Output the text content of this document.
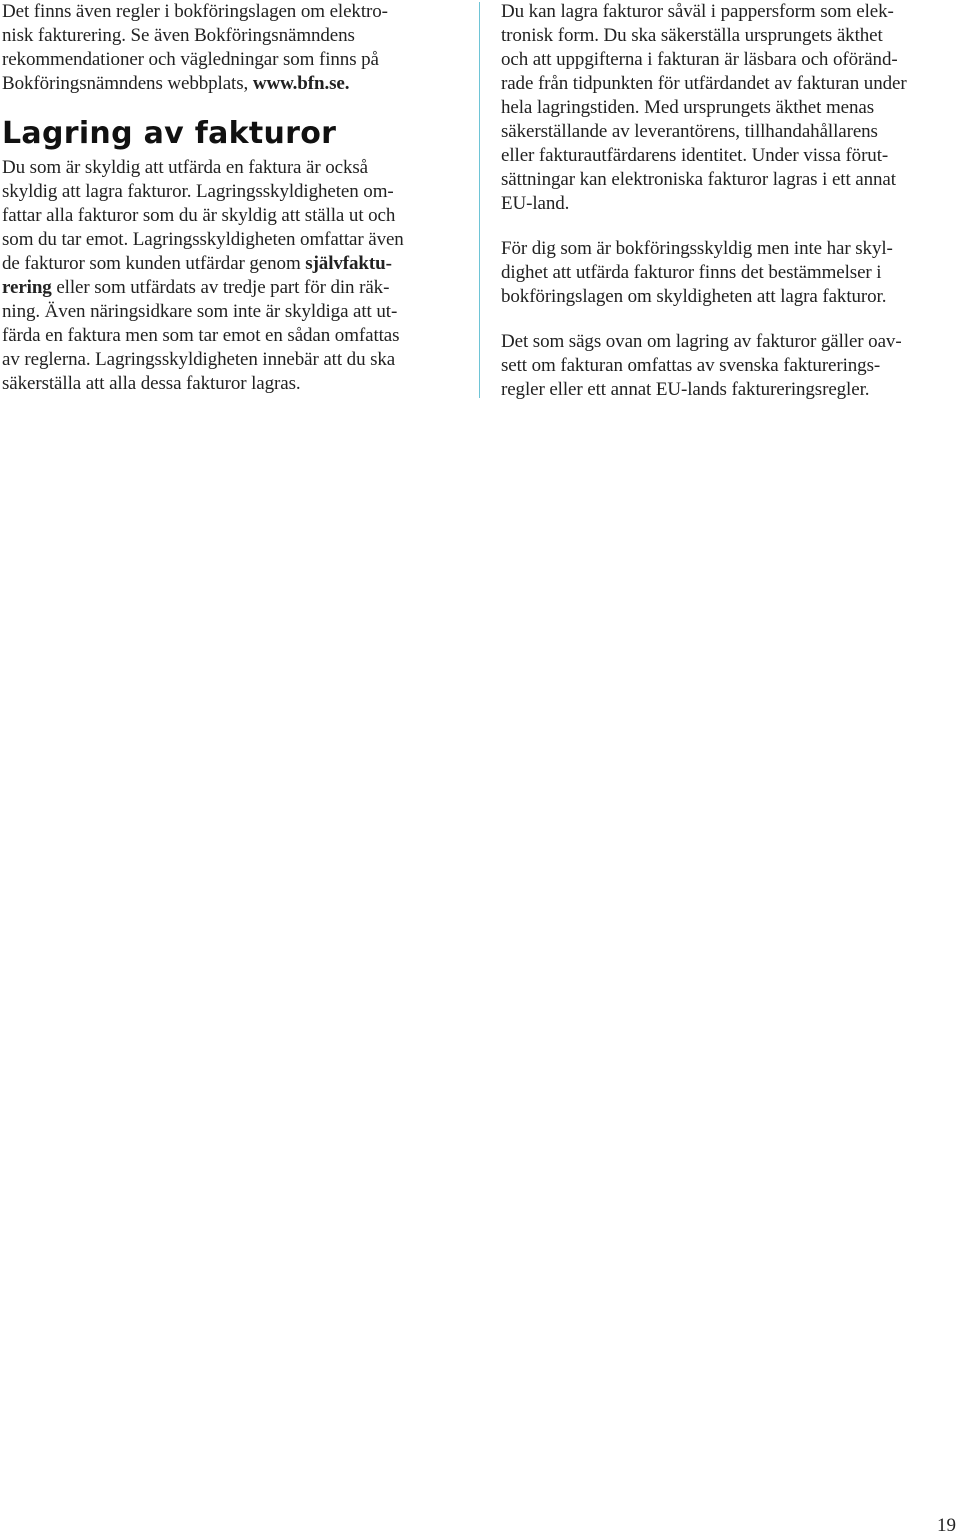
Det finns även regler i bokföringslagen om elektro-
nisk fakturering. Se även Bokföringsnämndens
rekommendationer och vägledningar som finns på
Bokföringsnämndens webbplats, www.bfn.se.
Lagring av fakturor
Du som är skyldig att utfärda en faktura är också
skyldig att lagra fakturor. Lagringsskyldigheten om-
fattar alla fakturor som du är skyldig att ställa ut och
som du tar emot. Lagringsskyldigheten omfattar även
de fakturor som kunden utfärdar genom självfaktu-
rering eller som utfärdats av tredje part för din räk-
ning. Även näringsidkare som inte är skyldiga att ut-
färda en faktura men som tar emot en sådan omfattas
av reglerna. Lagringsskyldigheten innebär att du ska
säkerställa att alla dessa fakturor lagras.
Du kan lagra fakturor såväl i pappersform som elek-
tronisk form. Du ska säkerställa ursprungets äkthet
och att uppgifterna i fakturan är läsbara och oföränd-
rade från tidpunkten för utfärdandet av fakturan under
hela lagringstiden. Med ursprungets äkthet menas
säkerställande av leverantörens, tillhandahållarens
eller fakturautfärdarens identitet. Under vissa förut-
sättningar kan elektroniska fakturor lagras i ett annat
EU-land.
För dig som är bokföringsskyldig men inte har skyl-
dighet att utfärda fakturor finns det bestämmelser i
bokföringslagen om skyldigheten att lagra fakturor.
Det som sägs ovan om lagring av fakturor gäller oav-
sett om fakturan omfattas av svenska fakturerings-
regler eller ett annat EU-lands faktureringsregler.
19
